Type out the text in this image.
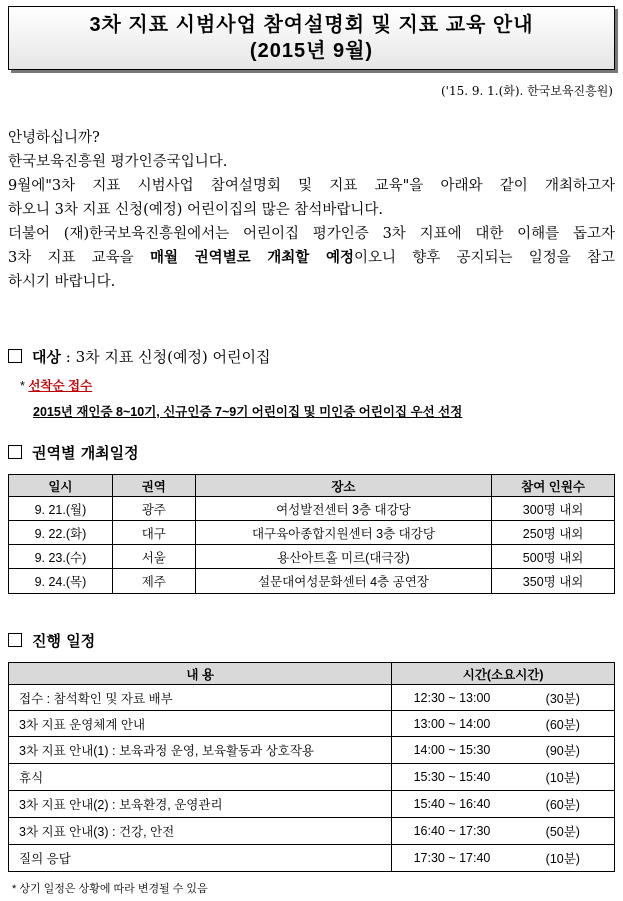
3차 지표 시범사업 참여설명회 및 지표 교육 안내
(2015년 9월)
('15. 9. 1.(화). 한국보육진흥원)

안녕하십니까?

한국보육진흥원 평가인증국입니다.

9월에"3차 지표 시범사업 참여설명회 및 지표 교육"을 아래와 같이 개최하고자

하오니 3차 지표 신청(예정) 어린이집의 많은 참석바랍니다.

더불어 (재)한국보육진흥원에서는 어린이집 평가인증 3차 지표에 대한 이해를 돕고자

3차 지표 교육을 매월 권역별로 개최할 예정이오니 향후 공지되는 일정을 참고

하시기 바랍니다.

대상 : 3차 지표 신청(예정) 어린이집
* 선착순 접수
2015년 재인증 8~10기, 신규인증 7~9기 어린이집 및 미인증 어린이집 우선 선정
권역별 개최일정
일시	권역	장소	참여 인원수
9. 21.(월)	광주	여성발전센터 3층 대강당	300명 내외
9. 22.(화)	대구	대구육아종합지원센터 3층 대강당	250명 내외
9. 23.(수)	서울	용산아트홀 미르(대극장)	500명 내외
9. 24.(목)	제주	설문대여성문화센터 4층 공연장	350명 내외
진행 일정
내 용	시간(소요시간)	
접수 : 참석확인 및 자료 배부	12:30 ~ 13:00	(30분)
3차 지표 운영체계 안내	13:00 ~ 14:00	(60분)
3차 지표 안내(1) : 보육과정 운영, 보육활동과 상호작용	14:00 ~ 15:30	(90분)
휴식	15:30 ~ 15:40	(10분)
3차 지표 안내(2) : 보육환경, 운영관리	15:40 ~ 16:40	(60분)
3차 지표 안내(3) : 건강, 안전	16:40 ~ 17:30	(50분)
질의 응답	17:30 ~ 17:40	(10분)
* 상기 일정은 상황에 따라 변경될 수 있음
